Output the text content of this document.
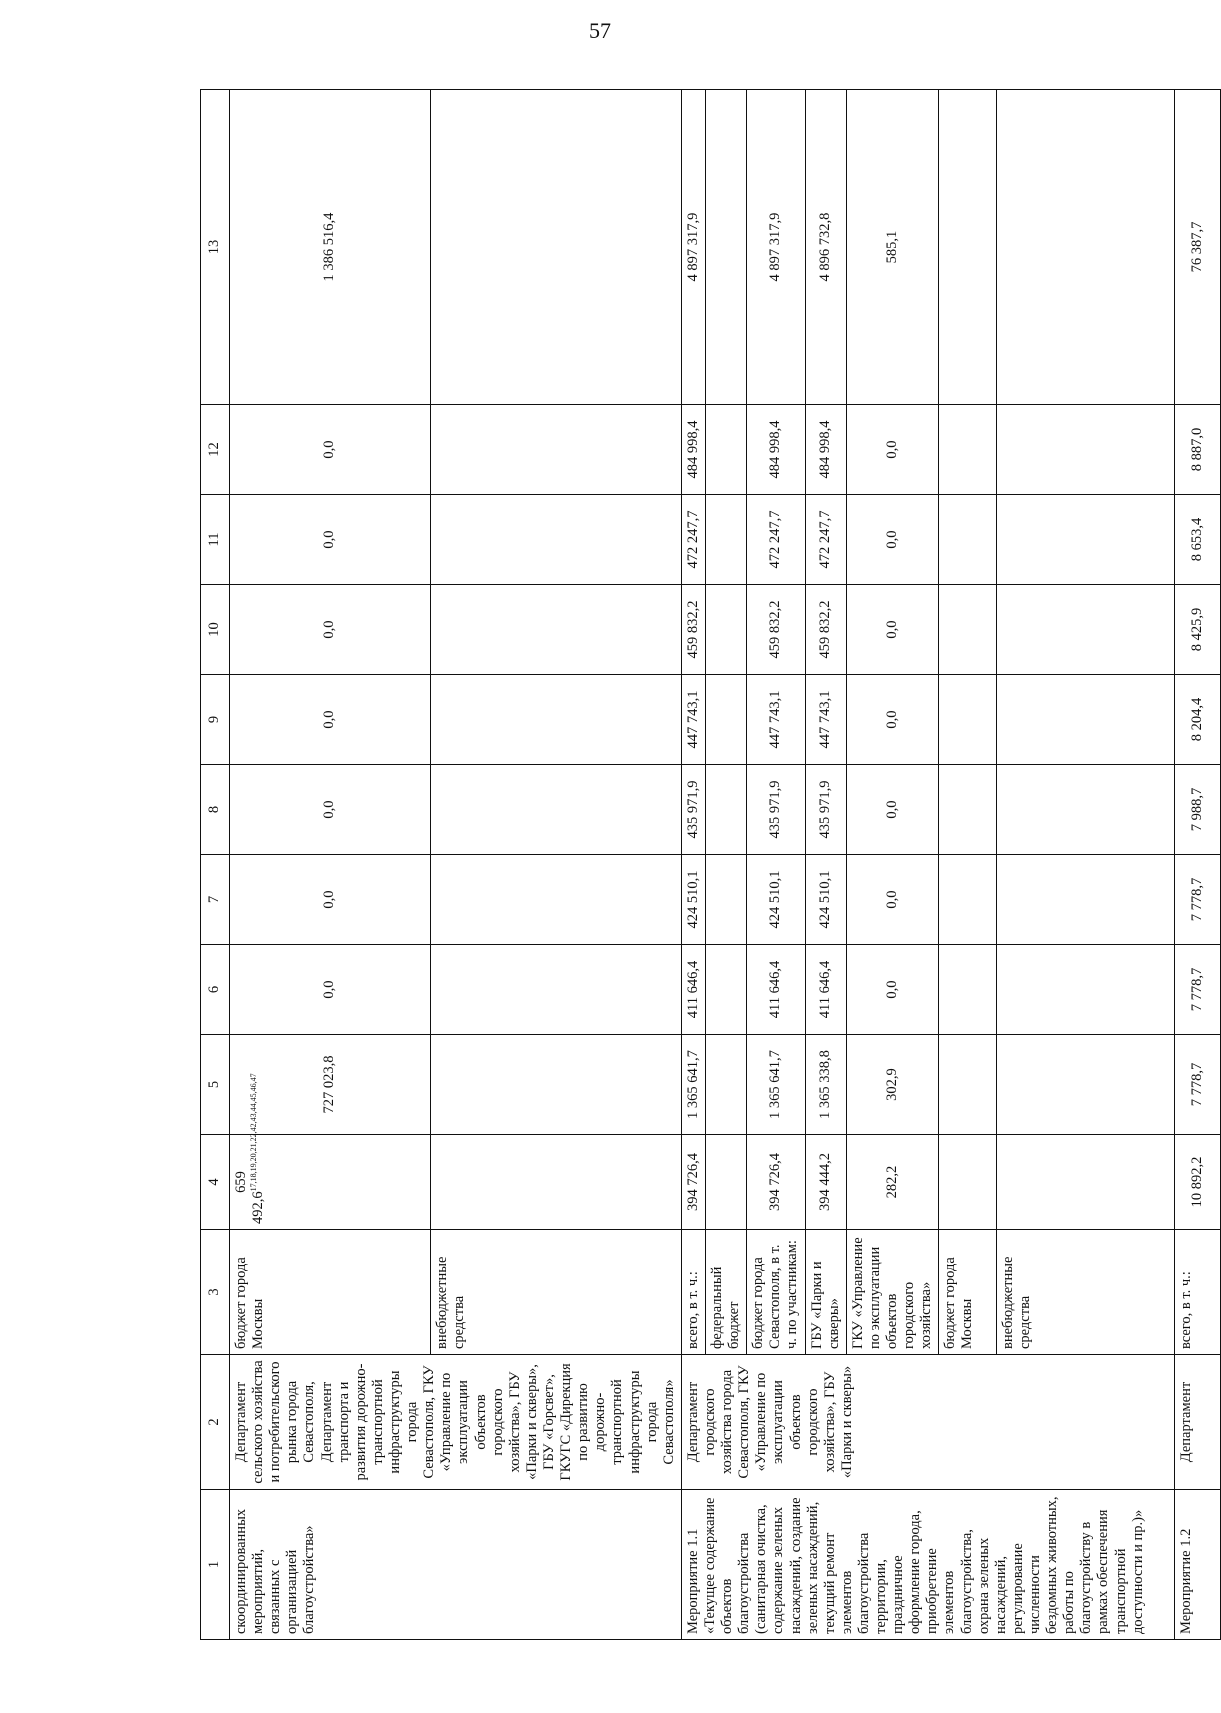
57
1	2	3	4	5	6	7	8	9	10	11	12	13
скоординированных мероприятий, связанных с организацией благоустройства»	Департамент сельского хозяйства и потребительского рынка города Севастополя, Департамент транспорта и развития дорожно-транспортной инфраструктуры города Севастополя, ГКУ «Управление по эксплуатации объектов городского хозяйства», ГБУ «Парки и скверы», ГБУ «Горсвет», ГКУГС «Дирекция по развитию дорожно-транспортной инфраструктуры города Севастополя»	бюджет города Москвы	659 492,6$^{17,18,19,20,21,22,42,43,44,45,46,47}$	727 023,8	0,0	0,0	0,0	0,0	0,0	0,0	0,0	1 386 516,4
		внебюджетные средства										
Мероприятие 1.1 «Текущее содержание объектов благоустройства (санитарная очистка, содержание зеленых насаждений, создание зеленых насаждений, текущий ремонт элементов благоустройства территории, праздничное оформление города, приобретение элементов благоустройства, охрана зеленых насаждений, регулирование численности бездомных животных, работы по благоустройству в рамках обеспечения транспортной доступности и пр.)»	Департамент городского хозяйства города Севастополя, ГКУ «Управление по эксплуатации объектов городского хозяйства», ГБУ «Парки и скверы»	всего, в т. ч.:	394 726,4	1 365 641,7	411 646,4	424 510,1	435 971,9	447 743,1	459 832,2	472 247,7	484 998,4	4 897 317,9
		федеральный бюджет										
		бюджет города Севастополя, в т. ч. по участникам:	394 726,4	1 365 641,7	411 646,4	424 510,1	435 971,9	447 743,1	459 832,2	472 247,7	484 998,4	4 897 317,9
		ГБУ «Парки и скверы»	394 444,2	1 365 338,8	411 646,4	424 510,1	435 971,9	447 743,1	459 832,2	472 247,7	484 998,4	4 896 732,8
		ГКУ «Управление по эксплуатации объектов городского хозяйства»	282,2	302,9	0,0	0,0	0,0	0,0	0,0	0,0	0,0	585,1
		бюджет города Москвы										
		внебюджетные средства										
Мероприятие 1.2	Департамент	всего, в т. ч.:	10 892,2	7 778,7	7 778,7	7 778,7	7 988,7	8 204,4	8 425,9	8 653,4	8 887,0	76 387,7
